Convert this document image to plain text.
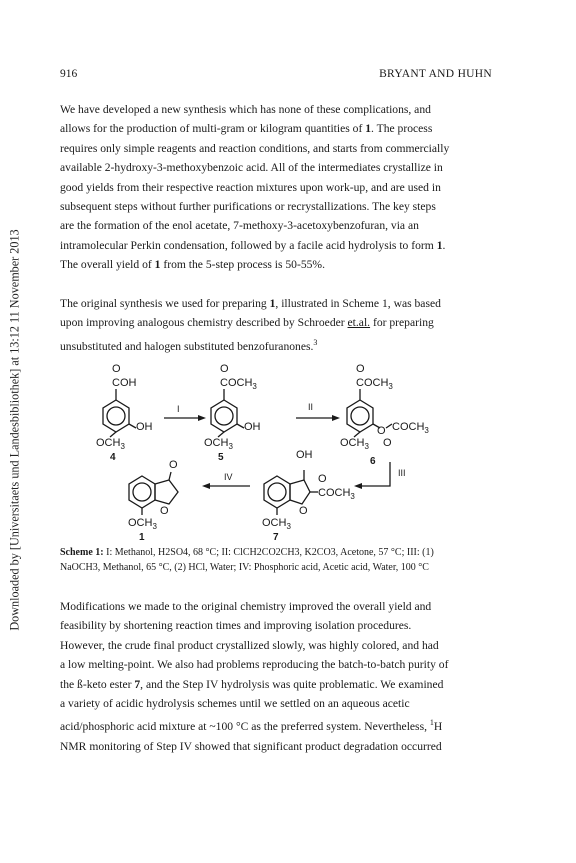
Downloaded by [Universitaets und Landesbibliothek] at 13:12 11 November 2013
916	BRYANT AND HUHN
We have developed a new synthesis which has none of these complications, and
allows for the production of multi-gram or kilogram quantities of 1. The process
requires only simple reagents and reaction conditions, and starts from commercially
available 2-hydroxy-3-methoxybenzoic acid. All of the intermediates crystallize in
good yields from their respective reaction mixtures upon work-up, and are used in
subsequent steps without further purifications or recrystallizations. The key steps
are the formation of the enol acetate, 7-methoxy-3-acetoxybenzofuran, via an
intramolecular Perkin condensation, followed by a facile acid hydrolysis to form 1.
The overall yield of 1 from the 5-step process is 50-55%.
The original synthesis we used for preparing 1, illustrated in Scheme 1, was based
upon improving analogous chemistry described by Schroeder et.al. for preparing
unsubstituted and halogen substituted benzofuranones.$^3$
O
COH
OH
$OCH_3$
4
I
O
$COCH_3$
OH
$OCH_3$
5
II
O
$COCH_3$
O $COCH_3$
$OCH_3$ O
6
III
OH
O
$COCH_3$
O
$OCH_3$
7
IV
O
O
$OCH_3$
1
Scheme 1: I: Methanol, H2SO4, 68 °C; II: ClCH2CO2CH3, K2CO3, Acetone, 57 °C; III: (1)
NaOCH3, Methanol, 65 °C, (2) HCl, Water; IV: Phosphoric acid, Acetic acid, Water, 100 °C
Modifications we made to the original chemistry improved the overall yield and
feasibility by shortening reaction times and improving isolation procedures.
However, the crude final product crystallized slowly, was highly colored, and had
a low melting-point. We also had problems reproducing the batch-to-batch purity of
the ß-keto ester 7, and the Step IV hydrolysis was quite problematic. We examined
a variety of acidic hydrolysis schemes until we settled on an aqueous acetic
acid/phosphoric acid mixture at ~100 °C as the preferred system. Nevertheless, $^1$H
NMR monitoring of Step IV showed that significant product degradation occurred
